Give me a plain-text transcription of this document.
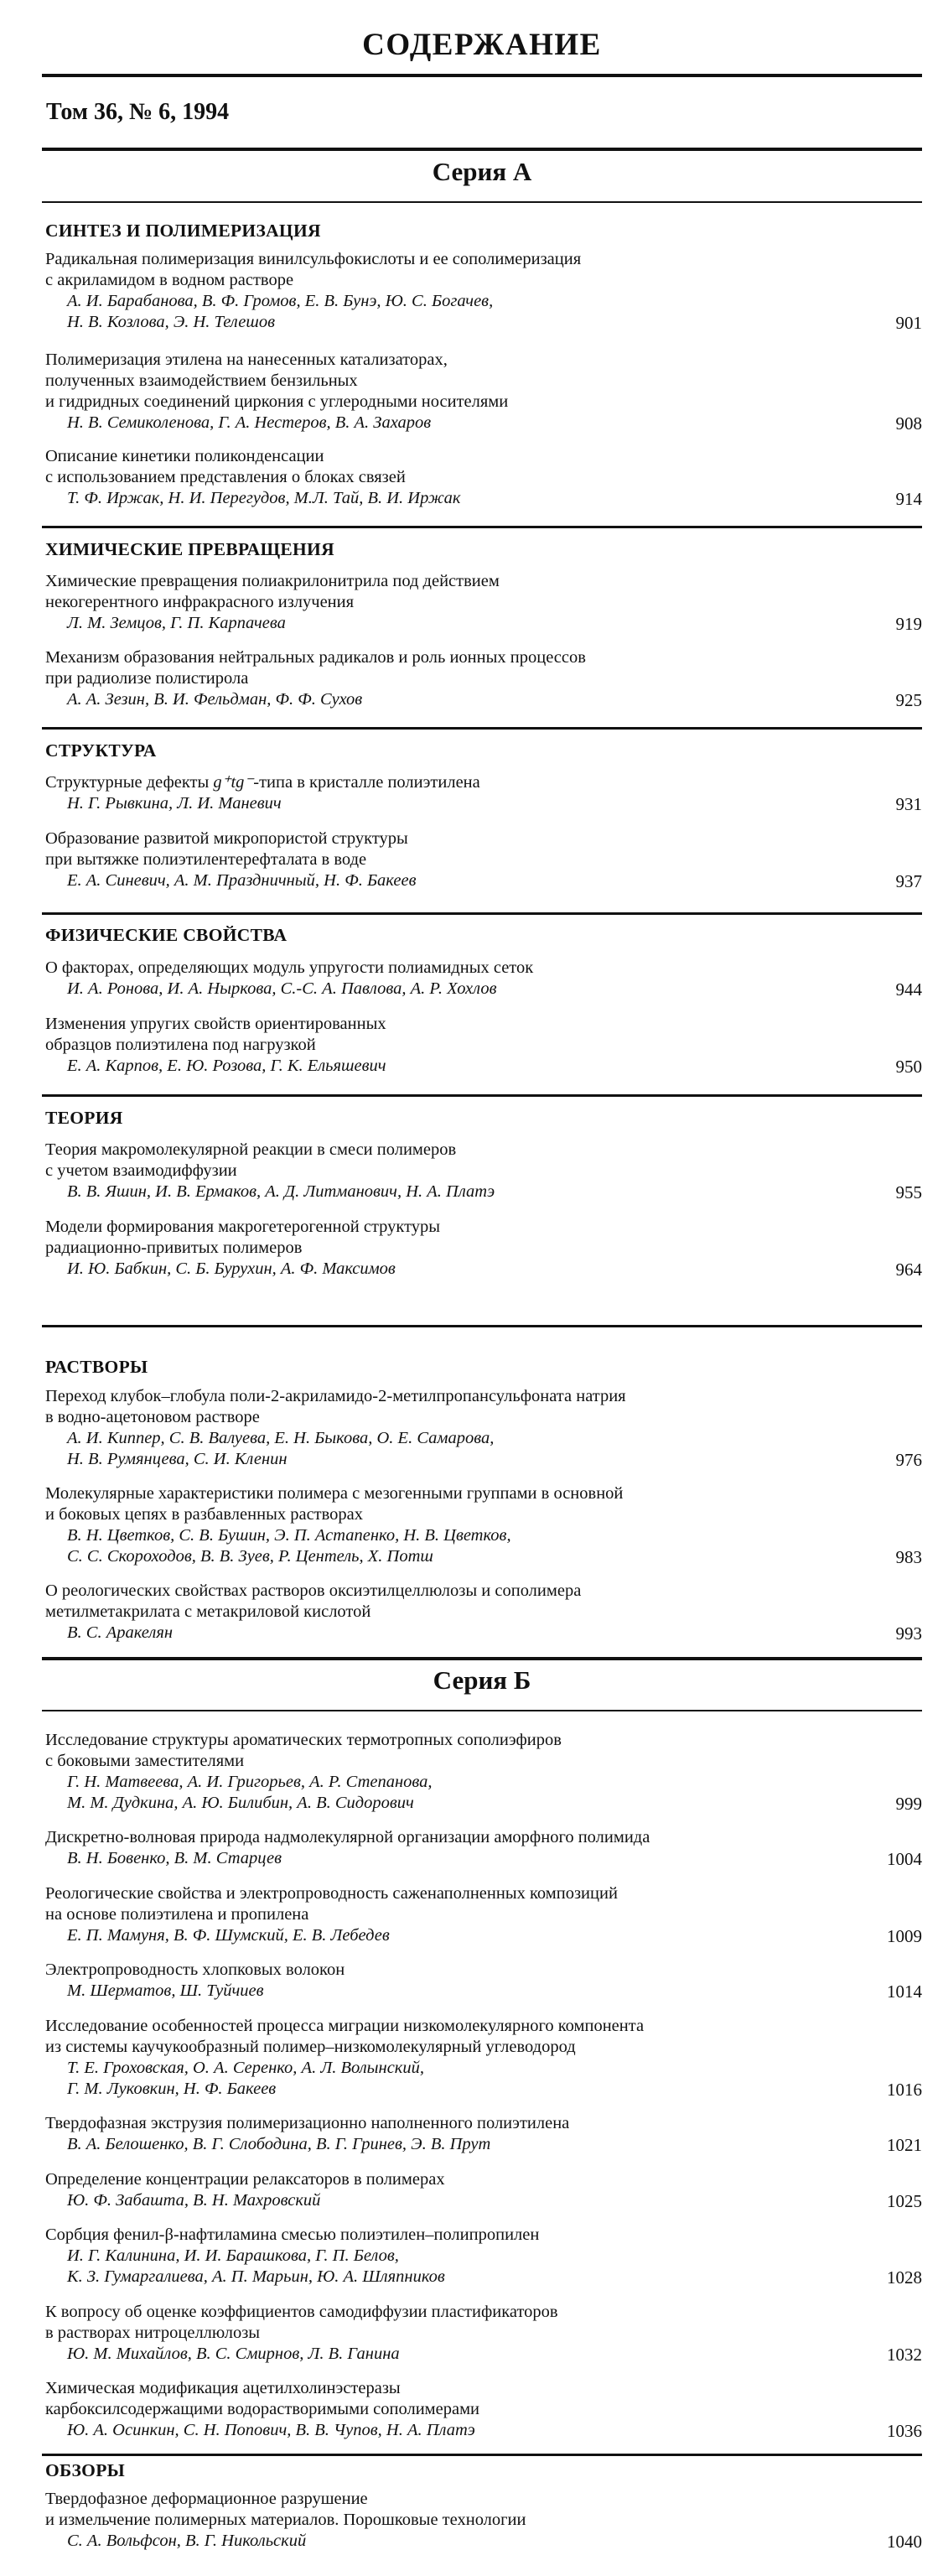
СОДЕРЖАНИЕ
Том 36, № 6, 1994
Серия А
СИНТЕЗ И ПОЛИМЕРИЗАЦИЯ
Радикальная полимеризация винилсульфокислоты и ее сополимеризация
с акриламидом в водном растворе
А. И. Барабанова, В. Ф. Громов, Е. В. Бунэ, Ю. С. Богачев,
Н. В. Козлова, Э. Н. Телешов	901
Полимеризация этилена на нанесенных катализаторах,
полученных взаимодействием бензильных
и гидридных соединений циркония с углеродными носителями
Н. В. Семиколенова, Г. А. Нестеров, В. А. Захаров	908
Описание кинетики поликонденсации
с использованием представления о блоках связей
Т. Ф. Иржак, Н. И. Перегудов, М.Л. Тай, В. И. Иржак	914
ХИМИЧЕСКИЕ ПРЕВРАЩЕНИЯ
Химические превращения полиакрилонитрила под действием
некогерентного инфракрасного излучения
Л. М. Земцов, Г. П. Карпачева	919
Механизм образования нейтральных радикалов и роль ионных процессов
при радиолизе полистирола
А. А. Зезин, В. И. Фельдман, Ф. Ф. Сухов	925
СТРУКТУРА
Структурные дефекты g⁺tg⁻-типа в кристалле полиэтилена
Н. Г. Рывкина, Л. И. Маневич	931
Образование развитой микропористой структуры
при вытяжке полиэтилентерефталата в воде
Е. А. Синевич, А. М. Праздничный, Н. Ф. Бакеев	937
ФИЗИЧЕСКИЕ СВОЙСТВА
О факторах, определяющих модуль упругости полиамидных сеток
И. А. Ронова, И. А. Ныркова, С.-С. А. Павлова, А. Р. Хохлов	944
Изменения упругих свойств ориентированных
образцов полиэтилена под нагрузкой
Е. А. Карпов, Е. Ю. Розова, Г. К. Ельяшевич	950
ТЕОРИЯ
Теория макромолекулярной реакции в смеси полимеров
с учетом взаимодиффузии
В. В. Яшин, И. В. Ермаков, А. Д. Литманович, Н. А. Платэ	955
Модели формирования макрогетерогенной структуры
радиационно-привитых полимеров
И. Ю. Бабкин, С. Б. Бурухин, А. Ф. Максимов	964
РАСТВОРЫ
Переход клубок–глобула поли-2-акриламидо-2-метилпропансульфоната натрия
в водно-ацетоновом растворе
А. И. Киппер, С. В. Валуева, Е. Н. Быкова, О. Е. Самарова,
Н. В. Румянцева, С. И. Кленин	976
Молекулярные характеристики полимера с мезогенными группами в основной
и боковых цепях в разбавленных растворах
В. Н. Цветков, С. В. Бушин, Э. П. Астапенко, Н. В. Цветков,
С. С. Скороходов, В. В. Зуев, Р. Центель, Х. Потш	983
О реологических свойствах растворов оксиэтилцеллюлозы и сополимера
метилметакрилата с метакриловой кислотой
В. С. Аракелян	993
Серия Б
Исследование структуры ароматических термотропных сополиэфиров
с боковыми заместителями
Г. Н. Матвеева, А. И. Григорьев, А. Р. Степанова,
М. М. Дудкина, А. Ю. Билибин, А. В. Сидорович	999
Дискретно-волновая природа надмолекулярной организации аморфного полимида
В. Н. Бовенко, В. М. Старцев	1004
Реологические свойства и электропроводность саженаполненных композиций
на основе полиэтилена и пропилена
Е. П. Мамуня, В. Ф. Шумский, Е. В. Лебедев	1009
Электропроводность хлопковых волокон
М. Шерматов, Ш. Туйчиев	1014
Исследование особенностей процесса миграции низкомолекулярного компонента
из системы каучукообразный полимер–низкомолекулярный углеводород
Т. Е. Гроховская, О. А. Серенко, А. Л. Волынский,
Г. М. Луковкин, Н. Ф. Бакеев	1016
Твердофазная экструзия полимеризационно наполненного полиэтилена
В. А. Белошенко, В. Г. Слободина, В. Г. Гринев, Э. В. Прут	1021
Определение концентрации релаксаторов в полимерах
Ю. Ф. Забашта, В. Н. Махровский	1025
Сорбция фенил-β-нафтиламина смесью полиэтилен–полипропилен
И. Г. Калинина, И. И. Барашкова, Г. П. Белов,
К. З. Гумаргалиева, А. П. Марьин, Ю. А. Шляпников	1028
К вопросу об оценке коэффициентов самодиффузии пластификаторов
в растворах нитроцеллюлозы
Ю. М. Михайлов, В. С. Смирнов, Л. В. Ганина	1032
Химическая модификация ацетилхолинэстеразы
карбоксилсодержащими водорастворимыми сополимерами
Ю. А. Осинкин, С. Н. Попович, В. В. Чупов, Н. А. Платэ	1036
ОБЗОРЫ
Твердофазное деформационное разрушение
и измельчение полимерных материалов. Порошковые технологии
С. А. Вольфсон, В. Г. Никольский	1040
